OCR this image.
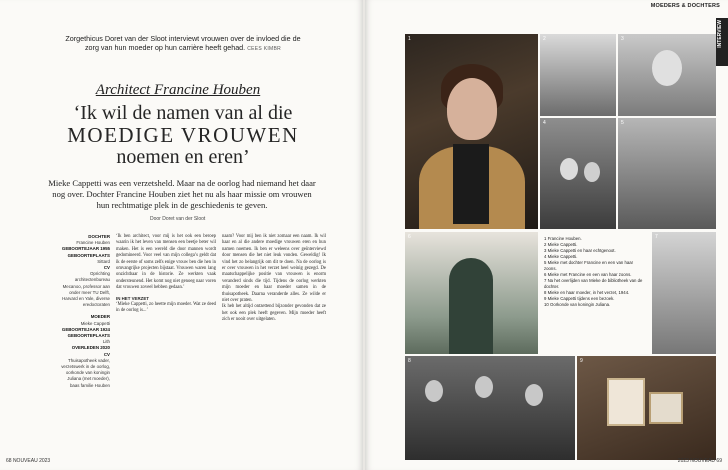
Zorgethicus Doret van der Sloot interviewt vrouwen over de invloed die de zorg van hun moeder op hun carrière heeft gehad. CEES KIMBR
Architect Francine Houben
‘Ik wil de namen van al die
MOEDIGE VROUWEN
noemen en eren’
Mieke Cappetti was een verzetsheld. Maar na de oorlog had niemand het daar nog over. Dochter Francine Houben ziet het nu als haar missie om vrouwen hun rechtmatige plek in de geschiedenis te geven.
Door Doret van der Sloot
DOCHTER
Francine Houben
GEBOORTEJAAR 1955
GEBOORTEPLAATS
Sittard
CV
Oprichting architectenbureau Mecanoo, professor aan onder meer TU Delft, Harvard en Yale, diverse eredoctoraten
MOEDER
Mieke Cappetti
GEBOORTEJAAR 1924
GEBOORTEPLAATS
Lith
OVERLEDEN 2020
CV
Thuisapotheek vader, verzetswerk in de oorlog, oorkonde van koningin Juliana (met moeder), baas familie Houben
‘Ik ben architect, voor mij is het ook een beroep waarin ik het leven van mensen een beetje beter wil maken. Het is een wereld die door mannen wordt gedomineerd. Voor veel van mijn collega’s geldt dat ik de eerste of soms zelfs enige vrouw ben die hen in omvangrijke projecten bijstaat. Vrouwen waren lang onzichtbaar in de historie. Ze werkten vaak ondersteunend. Het komt nog niet genoeg naar voren dat vrouwen zoveel hebben gedaan.’
IN HET VERZET
‘Mieke Cappetti, zo heette mijn moeder. Wat ze deed in de oorlog is...’
naam? Voor mij ben ik niet zomaar een naam. Ik wil haar en al die andere moedige vrouwen eren en hun namen noemen. Ik ben er weleens over geïnterviewd door mensen die het niet leuk vonden. Geweldig! Ik vind het zo belangrijk om dit te doen. Na de oorlog is er over vrouwen in het verzet heel weinig gezegd. De maatschappelijke positie van vrouwen is enorm veranderd sinds die tijd. Tijdens de oorlog werkten mijn moeder en haar moeder samen in de thuisapotheek. Daarna veranderde alles. Ze wilde er niet over praten.
Ik heb het altijd ontzettend bijzonder gevonden dat ze het ook een plek heeft gegeven. Mijn moeder heeft zich er nooit over uitgelaten.
68 NOUVEAU 2023
MOEDERS & DOCHTERS
INTERVIEW
1	2	3
4	5
6	1 Francine Houben.
2 Mieke Cappetti.
3 Mieke Cappetti en haar echtgenoot.
4 Mieke Cappetti.
5 Mieke met dochter Francine en een van haar zoons.
6 Mieke met Francine en een van haar zoons.
7 Na het overlijden van Mieke de bibliotheek van de dochter.
8 Mieke en haar moeder, in het verzet, 1944.
9 Mieke Cappetti tijdens een bezoek.
10 Oorkonde van koningin Juliana.
7
8	9
2023 NOUVEAU 69
